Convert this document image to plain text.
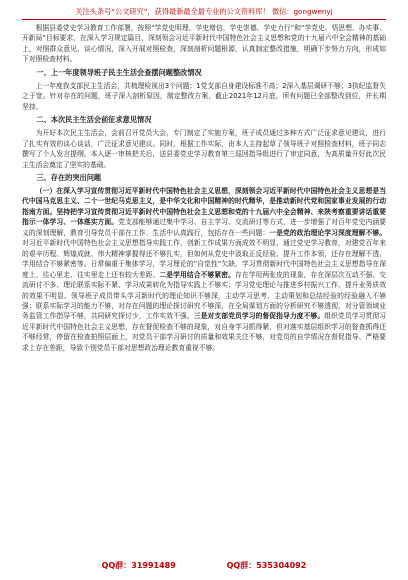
关注头条号“公文研究”，获得最新最全最专业的公文资料库！ 微信：gongwenyj

根据县委党史学习教育工作部署，按照“学党史明理、学史增信、学史崇德、学史力行”和“学党史、悟思想、办实事、开新局”目标要求，在深入学习规定篇目，深刻领会习近平新时代中国特色社会主义思想和党的十九届六中全会精神的基础上，对照群众意见、谈心情况，深入开展对照检查，深刻剖析问题根源，认真制定整改措施，明确下步努力方向，形成如下对照检查材料。

一、上一年度领导班子民主生活会查摆问题整改情况

上一年度我支部民主生活会，共梳理检视出3个问题：1党支部自身建设标准不高；2深入基层调研不够；3执纪监督失之于宽。针对存在的问题，班子深入剖析原因，制定整改方案，截止2021年12月底，所有问题已全部整改到位，并长期坚持。

二、本次民主生活会前征求意见情况

为开好本次民主生活会，会前召开党员大会，专门制定了实施方案，班子成员通过多种方式广泛征求意见建议，进行了扎实有效的谈心谈话，广泛征求意见建议。同时，根据工作实际，由本人主持起草了领导班子对照检查材料，班子同志撰写了个人发言提纲，本人逐一审核把关后，送县委党史学习教育第三巡回指导组进行了审定同意，为高质量开好此次民主生活会奠定了坚实的基础。

三、存在的突出问题

（一）在深入学习宣传贯彻习近平新时代中国特色社会主义思想，深刻领会习近平新时代中国特色社会主义思想是当代中国马克思主义、二十一世纪马克思主义，是中华文化和中国精神的时代精华，是推动新时代党和国家事业发展的行动指南方面。坚持把学习宣传贯彻习近平新时代中国特色社会主义思想和党的十九届六中全会精神、来陕考察重要讲话重要指示一体学习、一体落实方面。党支部能够通过集中学习、自主学习、交流研讨等方式，进一步增强了对百年党史内涵要义的深刻理解，教育引导党员干部在工作、生活中认真践行，包括存在一些问题：一是党的政治理论学习深度理解不够。对习近平新时代中国特色社会主义思想指导实践工作，创新工作成果方面成效不明显，通过党史学习教育，对建党百年来的艰辛历程、辉煌成就、伟大精神掌握得还不够扎实，但如何从党史中汲取正反经验、提升工作本领，还存在理解不透、学用结合不够紧密等。日常偏重于集体学习，学习理论的“自觉性”欠缺，学习贯彻新时代中国特色社会主义思想指导在深度上、往心里走、往实里走上还有较大差距。二是学用结合不够紧密。存在学用两张皮的现象，存在深层次互动不强、交流研讨不多、理论联系实际不紧、学习成果转化为指导实践上不够实；学习党史理论与推进乡村振兴工作、提升业务质效的效果不明显。领导班子成员带头学习新时代的理论知识不够深，主动学习思考、主动策划和总结经验的经验融入不够强；联系实际学习的能力不够，对存在问题的理论探讨研究不够深，在全局谋划方面的分析研究不够透彻，对分管领域业务监管工作指导不够，共同研究探讨少，工作实效不强。三是对支部党员学习的督促指导力度不够。组织党员学习贯彻习近平新时代中国特色社会主义思想，存在督促检查不够的现象，对自身学习抓得紧，但对落实基层组织学习的督查抓得还不够经常，停留在检查拍照层面上，对党员干部学习研讨的质量和效果关注不够，对党员的自学情况在督促指导、严格要求上存在差距，导致个别党员干部对思想政治理论教育重视不够。

QQ群：31991489	QQ群：535304092
